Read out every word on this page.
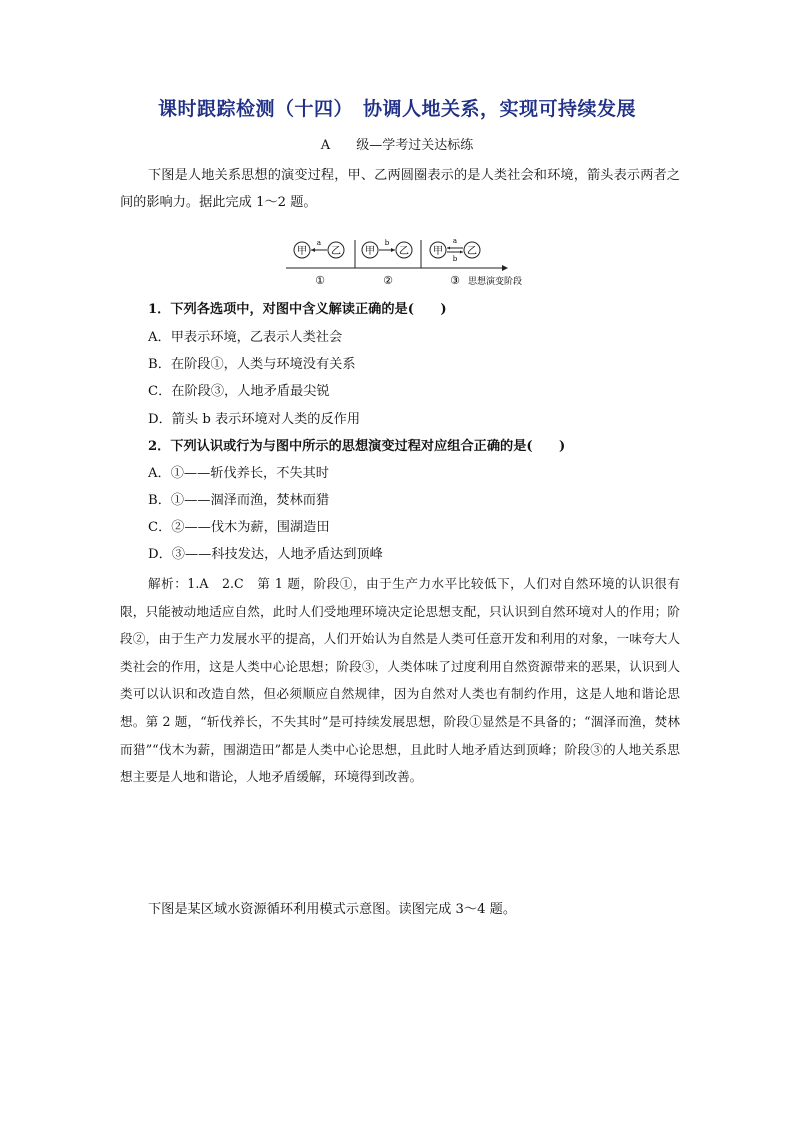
课时跟踪检测（十四）　协调人地关系，实现可持续发展
A 级—学考过关达标练

下图是人地关系思想的演变过程，甲、乙两圆圈表示的是人类社会和环境，箭头表示两者之间的影响力。据此完成 1～2 题。

甲 乙
a
甲 乙
b
甲 乙
a
b
①	②	③ 思想演变阶段
1．下列各选项中，对图中含义解读正确的是(　　)
A．甲表示环境，乙表示人类社会
B．在阶段①，人类与环境没有关系
C．在阶段③，人地矛盾最尖锐
D．箭头 b 表示环境对人类的反作用
2．下列认识或行为与图中所示的思想演变过程对应组合正确的是(　　)
A．①——斩伐养长，不失其时
B．①——涸泽而渔，焚林而猎
C．②——伐木为薪，围湖造田
D．③——科技发达，人地矛盾达到顶峰

解析：1.A　2.C　第 1 题，阶段①，由于生产力水平比较低下，人们对自然环境的认识很有限，只能被动地适应自然，此时人们受地理环境决定论思想支配，只认识到自然环境对人的作用；阶段②，由于生产力发展水平的提高，人们开始认为自然是人类可任意开发和利用的对象，一味夸大人类社会的作用，这是人类中心论思想；阶段③，人类体味了过度利用自然资源带来的恶果，认识到人类可以认识和改造自然，但必须顺应自然规律，因为自然对人类也有制约作用，这是人地和谐论思想。第 2 题，“斩伐养长，不失其时”是可持续发展思想，阶段①显然是不具备的；“涸泽而渔，焚林而猎”“伐木为薪，围湖造田”都是人类中心论思想，且此时人地矛盾达到顶峰；阶段③的人地关系思想主要是人地和谐论，人地矛盾缓解，环境得到改善。

下图是某区域水资源循环利用模式示意图。读图完成 3～4 题。
